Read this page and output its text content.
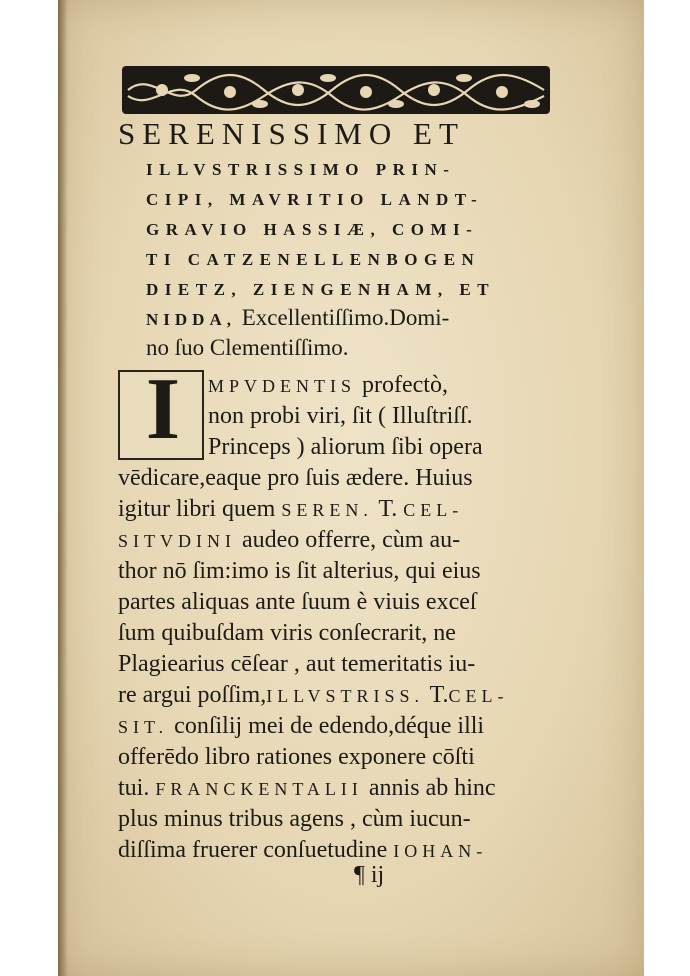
SERENISSIMO ET
ILLVSTRISSIMO PRIN-
CIPI, MAVRITIO LANDT-
GRAVIO HASSIÆ, COMI-
TI CATZENELLENBOGEN
DIETZ, ZIENGENHAM, ET
NIDDA, Excellentiſſimo.Domi-
no ſuo Clementiſſimo.
I	MPVDENTIS profectò,
non probi viri, ſit ( Illuſtriſſ.
Princeps ) aliorum ſibi opera
vēdicare,eaque pro ſuis ædere. Huius
igitur libri quem SEREN. T. CEL-
SITVDINI audeo offerre, cùm au-
thor nō ſim:imo is ſit alterius, qui eius
partes aliquas ante ſuum è viuis exceſ
ſum quibuſdam viris conſecrarit, ne
Plagiearius cēſear , aut temeritatis iu-
re argui poſſim,ILLVSTRISS. T.CEL-
SIT. conſilij mei de edendo,déque illi
offerēdo libro rationes exponere cōſti
tui. FRANCKENTALII annis ab hinc
plus minus tribus agens , cùm iucun-
diſſima fruerer conſuetudine IOHAN-
¶ ij
